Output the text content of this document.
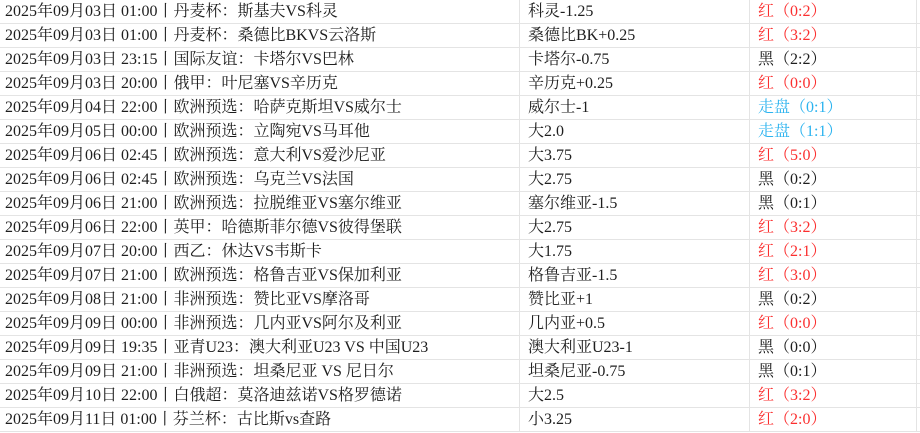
2025年09月03日 01:00丨丹麦杯：斯基夫VS科灵	科灵-1.25	红（0:2）
2025年09月03日 01:00丨丹麦杯：桑德比BKVS云洛斯	桑德比BK+0.25	红（3:2）
2025年09月03日 23:15丨国际友谊：卡塔尔VS巴林	卡塔尔-0.75	黑（2:2）
2025年09月03日 20:00丨俄甲：叶尼塞VS辛历克	辛历克+0.25	红（0:0）
2025年09月04日 22:00丨欧洲预选：哈萨克斯坦VS威尔士	威尔士-1	走盘（0:1）
2025年09月05日 00:00丨欧洲预选：立陶宛VS马耳他	大2.0	走盘（1:1）
2025年09月06日 02:45丨欧洲预选：意大利VS爱沙尼亚	大3.75	红（5:0）
2025年09月06日 02:45丨欧洲预选：乌克兰VS法国	大2.75	黑（0:2）
2025年09月06日 21:00丨欧洲预选：拉脱维亚VS塞尔维亚	塞尔维亚-1.5	黑（0:1）
2025年09月06日 22:00丨英甲：哈德斯菲尔德VS彼得堡联	大2.75	红（3:2）
2025年09月07日 20:00丨西乙：休达VS韦斯卡	大1.75	红（2:1）
2025年09月07日 21:00丨欧洲预选：格鲁吉亚VS保加利亚	格鲁吉亚-1.5	红（3:0）
2025年09月08日 21:00丨非洲预选：赞比亚VS摩洛哥	赞比亚+1	黑（0:2）
2025年09月09日 00:00丨非洲预选：几内亚VS阿尔及利亚	几内亚+0.5	红（0:0）
2025年09月09日 19:35丨亚青U23：澳大利亚U23 VS 中国U23	澳大利亚U23-1	黑（0:0）
2025年09月09日 21:00丨非洲预选：坦桑尼亚 VS 尼日尔	坦桑尼亚-0.75	黑（0:1）
2025年09月10日 22:00丨白俄超：莫洛迪兹诺VS格罗德诺	大2.5	红（3:2）
2025年09月11日 01:00丨芬兰杯：古比斯vs查路	小3.25	红（2:0）
